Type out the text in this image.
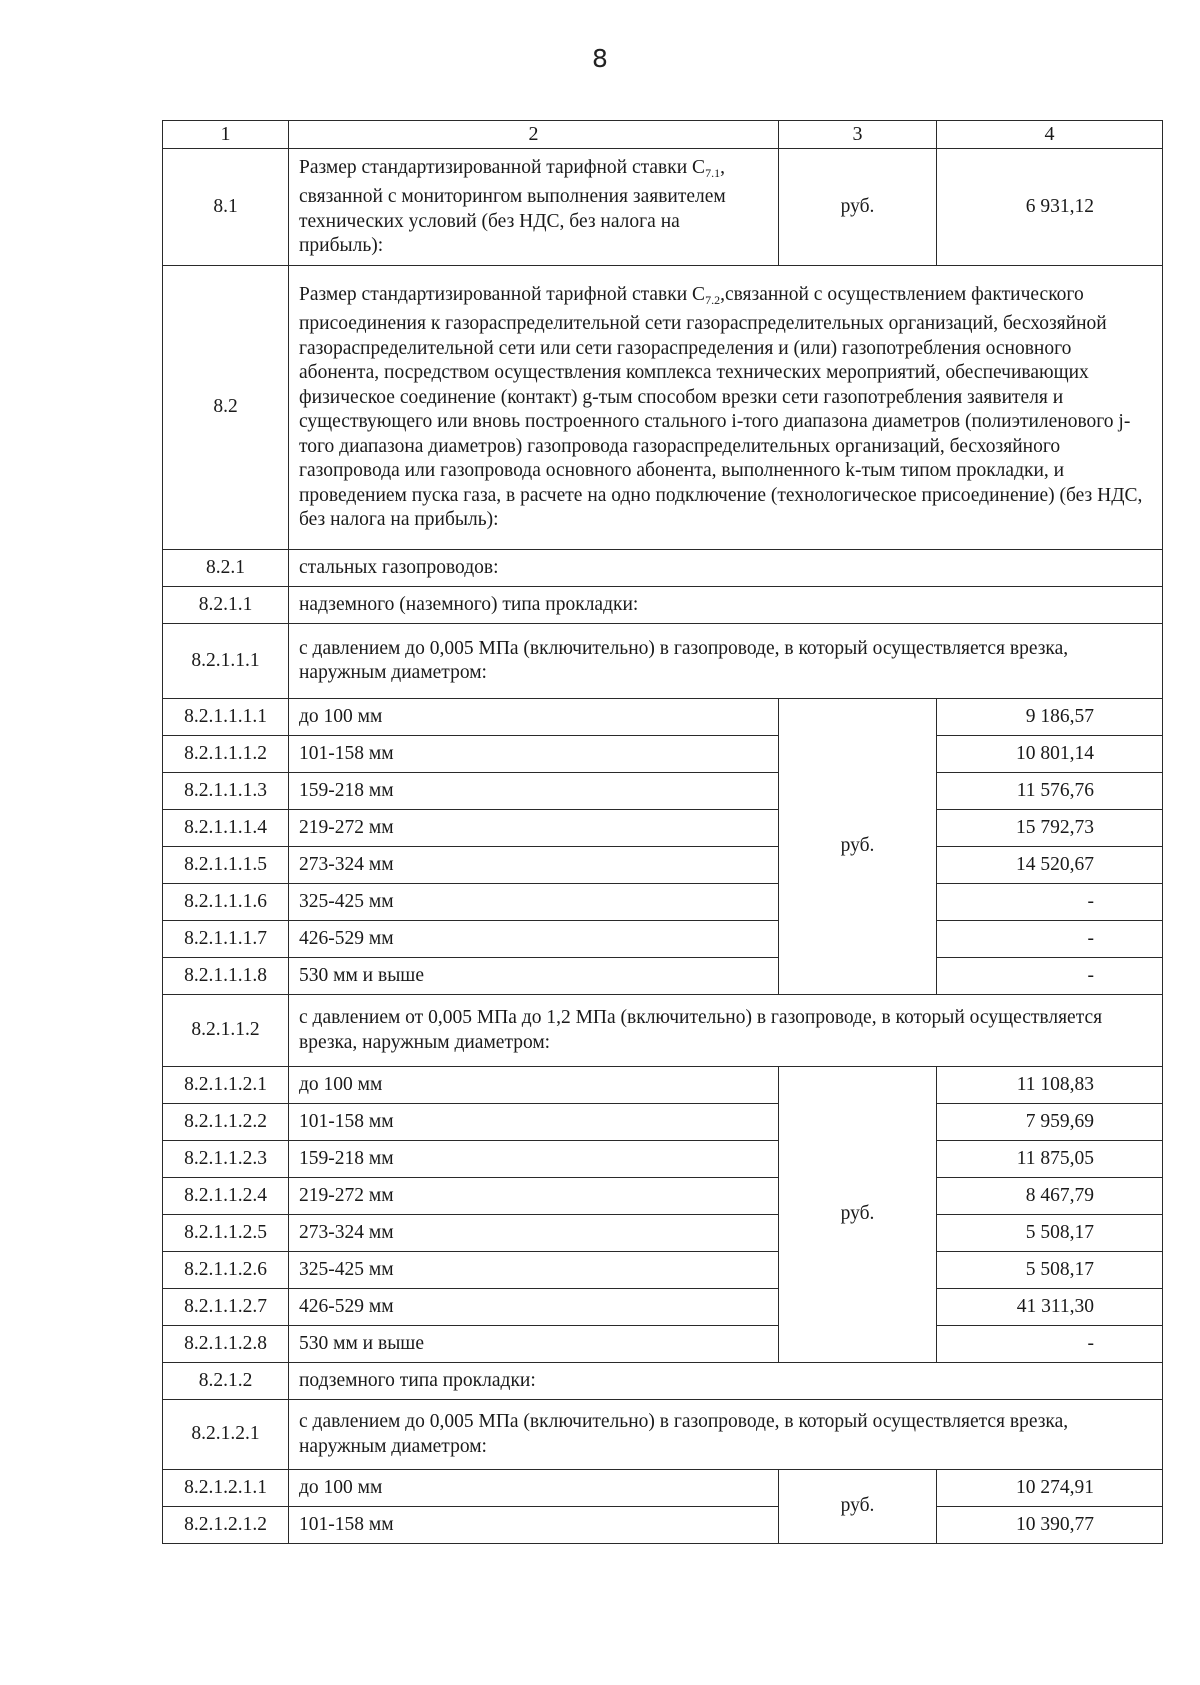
8
1	2	3	4
8.1	Размер стандартизированной тарифной ставки $С_{7.1}$, связанной с мониторингом выполнения заявителем технических условий (без НДС, без налога на прибыль):	руб.	6 931,12
8.2	Размер стандартизированной тарифной ставки $С_{7.2},связанной$ с осуществлением фактического присоединения к газораспределительной сети газораспределительных организаций, бесхозяйной газораспределительной сети или сети газораспределения и (или) газопотребления основного абонента, посредством осуществления комплекса технических мероприятий, обеспечивающих физическое соединение (контакт) g-тым способом врезки сети газопотребления заявителя и существующего или вновь построенного стального i-того диапазона диаметров (полиэтиленового j-того диапазона диаметров) газопровода газораспределительных организаций, бесхозяйного газопровода или газопровода основного абонента, выполненного k-тым типом прокладки, и проведением пуска газа, в расчете на одно подключение (технологическое присоединение) (без НДС, без налога на прибыль):		
8.2.1	стальных газопроводов:		
8.2.1.1	надземного (наземного) типа прокладки:		
8.2.1.1.1	с давлением до 0,005 МПа (включительно) в газопроводе, в который осуществляется врезка, наружным диаметром:		
8.2.1.1.1.1	до 100 мм	руб.	9 186,57
8.2.1.1.1.2	101-158 мм		10 801,14
8.2.1.1.1.3	159-218 мм		11 576,76
8.2.1.1.1.4	219-272 мм		15 792,73
8.2.1.1.1.5	273-324 мм		14 520,67
8.2.1.1.1.6	325-425 мм		-
8.2.1.1.1.7	426-529 мм		-
8.2.1.1.1.8	530 мм и выше		-
8.2.1.1.2	с давлением от 0,005 МПа до 1,2 МПа (включительно) в газопроводе, в который осуществляется врезка, наружным диаметром:		
8.2.1.1.2.1	до 100 мм	руб.	11 108,83
8.2.1.1.2.2	101-158 мм		7 959,69
8.2.1.1.2.3	159-218 мм		11 875,05
8.2.1.1.2.4	219-272 мм		8 467,79
8.2.1.1.2.5	273-324 мм		5 508,17
8.2.1.1.2.6	325-425 мм		5 508,17
8.2.1.1.2.7	426-529 мм		41 311,30
8.2.1.1.2.8	530 мм и выше		-
8.2.1.2	подземного типа прокладки:		
8.2.1.2.1	с давлением до 0,005 МПа (включительно) в газопроводе, в который осуществляется врезка, наружным диаметром:		
8.2.1.2.1.1	до 100 мм	руб.	10 274,91
8.2.1.2.1.2	101-158 мм		10 390,77
